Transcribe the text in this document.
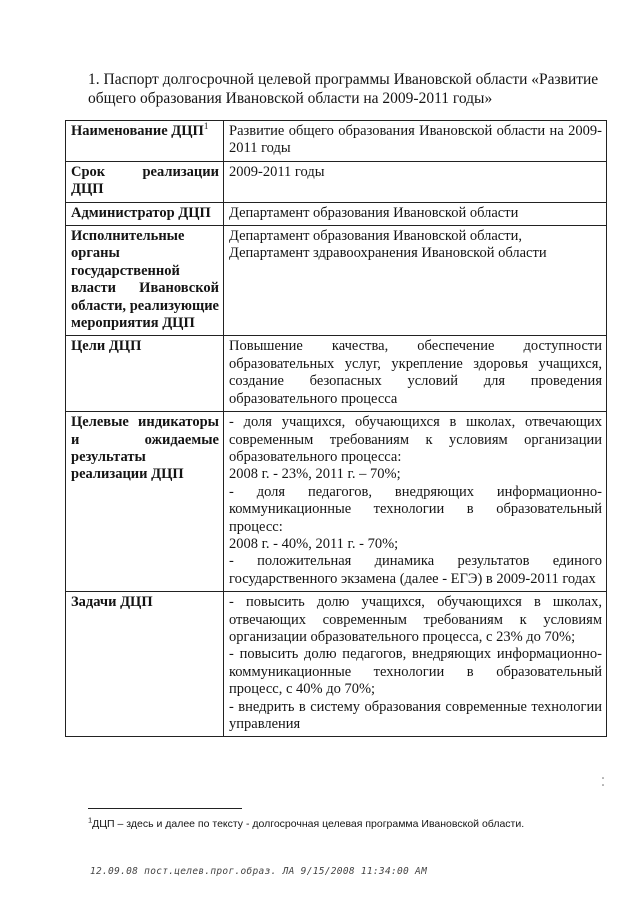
1. Паспорт долгосрочной целевой программы Ивановской области «Развитие общего образования Ивановской области на 2009-2011 годы»
Наименование ДЦП$^1$	Развитие общего образования Ивановской области на 2009-2011 годы

Срок реализации ДЦП	2009-2011 годы

Администратор ДЦП	Департамент образования Ивановской области

Исполнительные органы государственной власти Ивановской области, реализующие мероприятия ДЦП	Департамент образования Ивановской области,

Департамент здравоохранения Ивановской области

Цели ДЦП	Повышение качества, обеспечение доступности образовательных услуг, укрепление здоровья учащихся, создание безопасных условий для проведения образовательного процесса

Целевые индикаторы и ожидаемые результаты реализации ДЦП	- доля учащихся, обучающихся в школах, отвечающих современным требованиям к условиям организации образовательного процесса:

2008 г. - 23%, 2011 г. – 70%;

- доля педагогов, внедряющих информационно-коммуникационные технологии в образовательный процесс:

2008 г. - 40%, 2011 г. - 70%;

- положительная динамика результатов единого государственного экзамена (далее - ЕГЭ) в 2009-2011 годах

Задачи ДЦП	- повысить долю учащихся, обучающихся в школах, отвечающих современным требованиям к условиям организации образовательного процесса, с 23% до 70%;

- повысить долю педагогов, внедряющих информационно-коммуникационные технологии в образовательный процесс, с 40% до 70%;

- внедрить в систему образования современные технологии управления

$^1$ДЦП – здесь и далее по тексту - долгосрочная целевая программа Ивановской области.
12.09.08 пост.целев.прог.образ. ЛА 9/15/2008 11:34:00 AM
